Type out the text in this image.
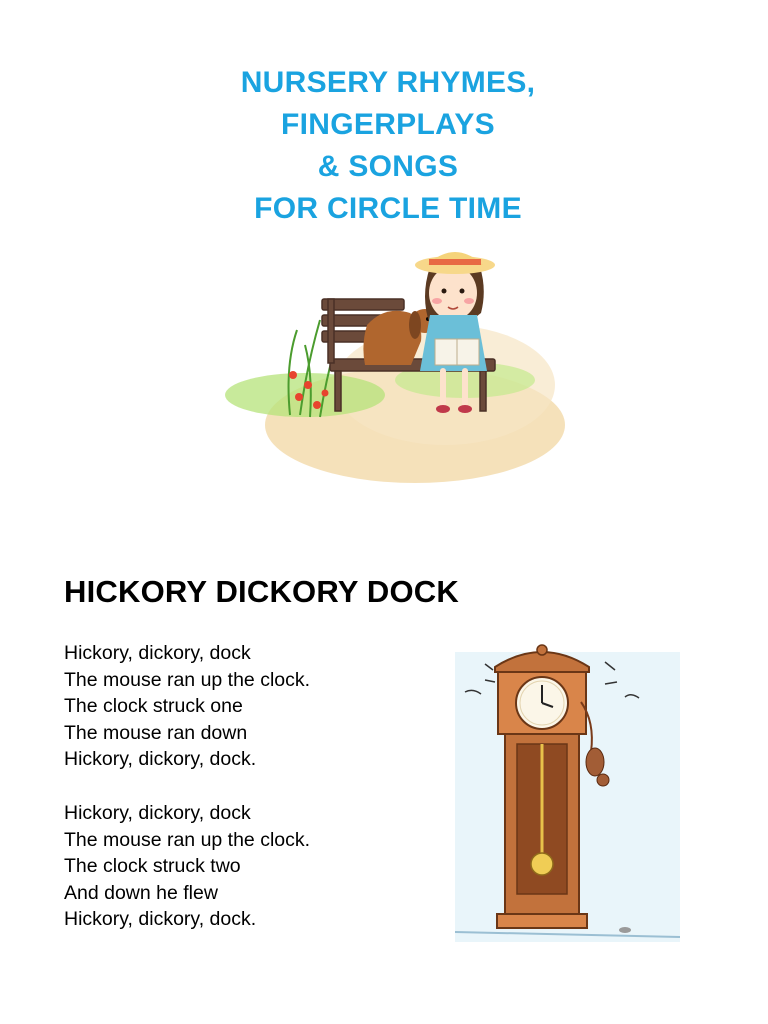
NURSERY RHYMES,
FINGERPLAYS
& SONGS
FOR CIRCLE TIME
HICKORY DICKORY DOCK
Hickory, dickory, dock
The mouse ran up the clock.
The clock struck one
The mouse ran down
Hickory, dickory, dock.
Hickory, dickory, dock
The mouse ran up the clock.
The clock struck two
And down he flew
Hickory, dickory, dock.
